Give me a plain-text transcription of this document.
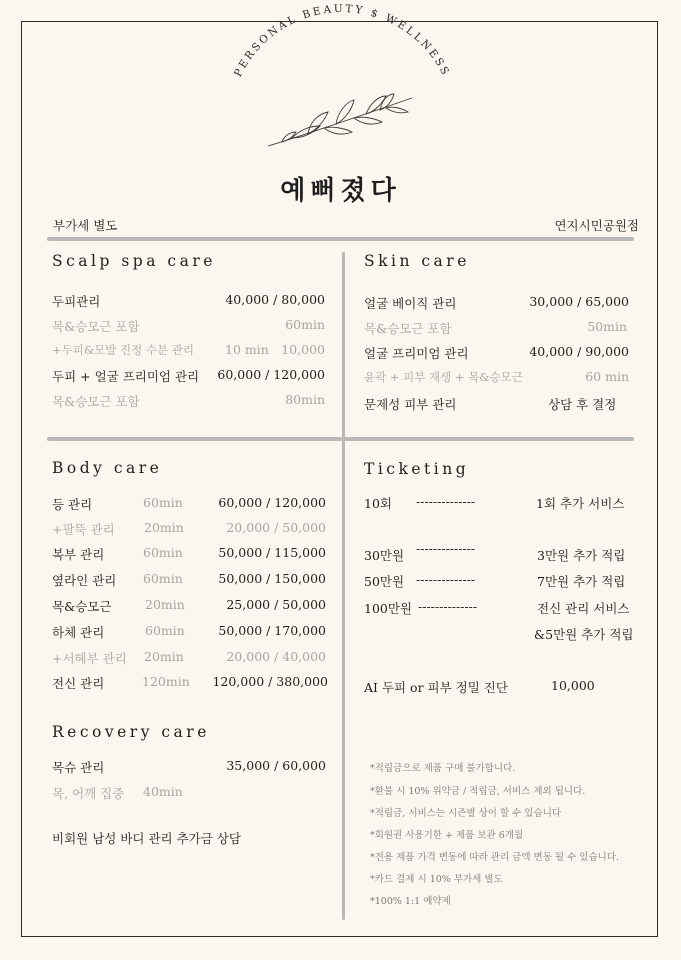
PERSONAL BEAUTY $ WELLNESS
예뻐졌다
부가세 별도	연지시민공원점
Scalp spa care
두피관리	40,000 / 80,000
목&승모근 포함	60min
+두피&모발 진정 수분 관리 10 min 10,000
두피 + 얼굴 프리미엄 관리 60,000 / 120,000
목&승모근 포함	80min
Skin care
얼굴 베이직 관리	30,000 / 65,000
목&승모근 포함	50min
얼굴 프리미엄 관리	40,000 / 90,000
윤곽 + 피부 재생 + 목&승모근	60 min
문제성 피부 관리	상담 후 결정
Body care
등 관리	60min	60,000 / 120,000
+팔뚝 관리 20min	20,000 / 50,000
복부 관리	60min	50,000 / 115,000
옆라인 관리 60min	50,000 / 150,000
목&승모근	20min	25,000 / 50,000
하체 관리	60min	50,000 / 170,000
+서혜부 관리 20min	20,000 / 40,000
전신 관리	120min 120,000 / 380,000
Ticketing
10회 --------------	1회 추가 서비스
30만원 --------------	3만원 추가 적립
50만원 --------------	7만원 추가 적립
100만원 --------------	전신 관리 서비스
&5만원 추가 적립
AI 두피 or 피부 정밀 진단	10,000
Recovery care
목슈 관리	35,000 / 60,000
목, 어깨 집중 40min
비회원 남성 바디 관리 추가금 상담
*적립금으로 제품 구매 불가합니다.
*환불 시 10% 위약금 / 적립금, 서비스 제외 됩니다.
*적립금, 서비스는 시즌별 상이 할 수 있습니다
*회원권 사용기한 + 제품 보관 6개월
*전용 제품 가격 변동에 따라 관리 금액 변동 될 수 있습니다.
*카드 결제 시 10% 부가세 별도
*100% 1:1 예약제
